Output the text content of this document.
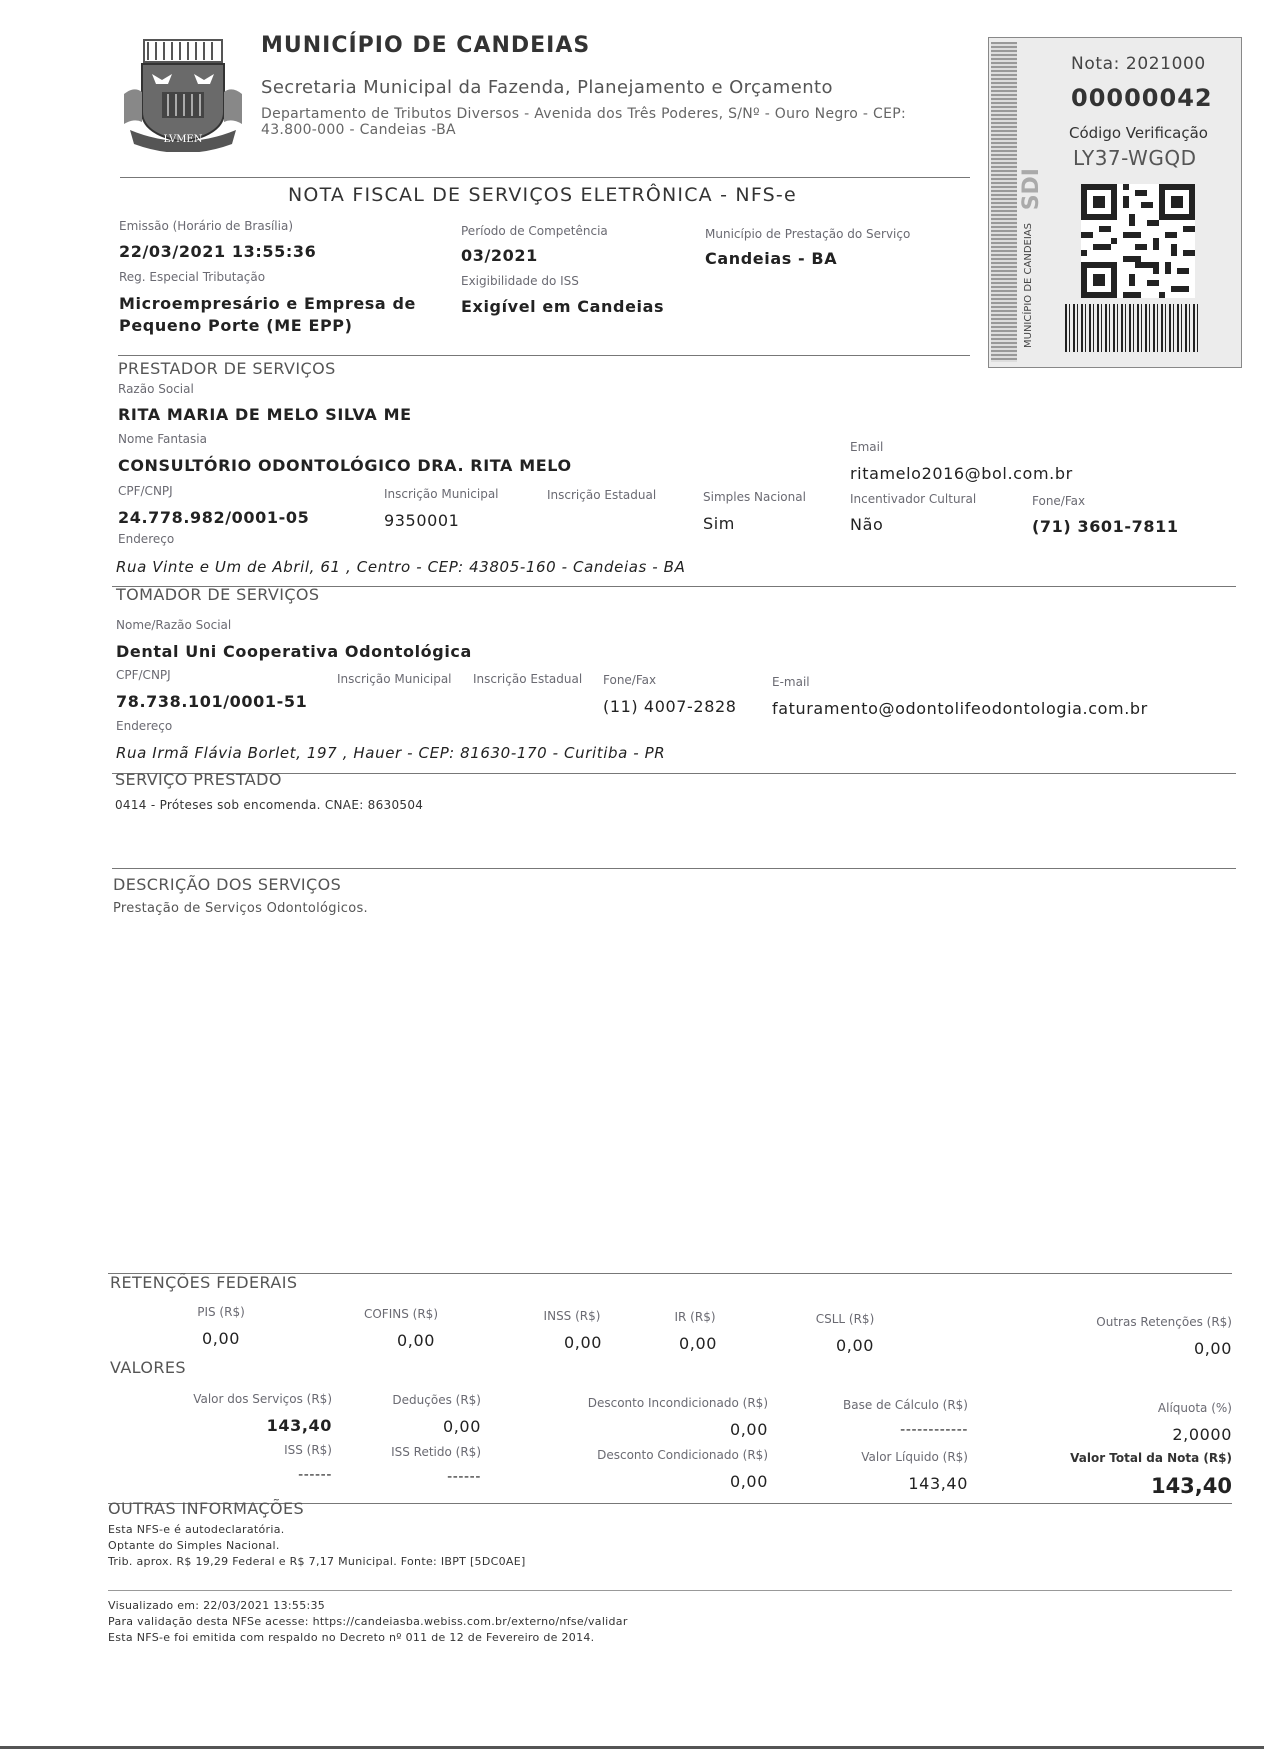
LVMEN
MUNICÍPIO DE CANDEIAS
Secretaria Municipal da Fazenda, Planejamento e Orçamento
Departamento de Tributos Diversos - Avenida dos Três Poderes, S/Nº - Ouro Negro - CEP:
43.800-000 - Candeias -BA
NOTA FISCAL DE SERVIÇOS ELETRÔNICA - NFS-e	SDI
MUNICÍPIO DE CANDEIAS
Nota: 2021000
00000042
Código Verificação
LY37-WGQD
Emissão (Horário de Brasília)
22/03/2021 13:55:36
Período de Competência
03/2021
Município de Prestação do Serviço
Candeias - BA
Reg. Especial Tributação
Microempresário e Empresa de
Pequeno Porte (ME EPP)
Exigibilidade do ISS
Exigível em Candeias
PRESTADOR DE SERVIÇOS
Razão Social
RITA MARIA DE MELO SILVA ME
Nome Fantasia
CONSULTÓRIO ODONTOLÓGICO DRA. RITA MELO
Email
ritamelo2016@bol.com.br
CPF/CNPJ
24.778.982/0001-05
Inscrição Municipal
9350001
Inscrição Estadual	Simples Nacional
Sim
Incentivador Cultural
Não
Fone/Fax
(71) 3601-7811
Endereço
Rua Vinte e Um de Abril, 61 , Centro - CEP: 43805-160 - Candeias - BA
TOMADOR DE SERVIÇOS
Nome/Razão Social
Dental Uni Cooperativa Odontológica
CPF/CNPJ
78.738.101/0001-51
Inscrição Municipal Inscrição Estadual Fone/Fax
(11) 4007-2828
E-mail
faturamento@odontolifeodontologia.com.br
Endereço
Rua Irmã Flávia Borlet, 197 , Hauer - CEP: 81630-170 - Curitiba - PR
SERVIÇO PRESTADO
0414 - Próteses sob encomenda. CNAE: 8630504
DESCRIÇÃO DOS SERVIÇOS
Prestação de Serviços Odontológicos.
RETENÇÕES FEDERAIS
PIS (R$)
0,00
COFINS (R$)
0,00
INSS (R$)
0,00
IR (R$)
0,00
CSLL (R$)
0,00
Outras Retenções (R$)
0,00
VALORES
Valor dos Serviços (R$)
143,40
Deduções (R$)
0,00
Desconto Incondicionado (R$)
0,00
Base de Cálculo (R$)
------------
Alíquota (%)
2,0000
ISS (R$)
------
ISS Retido (R$)
------
Desconto Condicionado (R$)
0,00
Valor Líquido (R$)
143,40
Valor Total da Nota (R$)
143,40
OUTRAS INFORMAÇÕES
Esta NFS-e é autodeclaratória.
Optante do Simples Nacional.
Trib. aprox. R$ 19,29 Federal e R$ 7,17 Municipal. Fonte: IBPT [5DC0AE]
Visualizado em: 22/03/2021 13:55:35
Para validação desta NFSe acesse: https://candeiasba.webiss.com.br/externo/nfse/validar
Esta NFS-e foi emitida com respaldo no Decreto nº 011 de 12 de Fevereiro de 2014.
